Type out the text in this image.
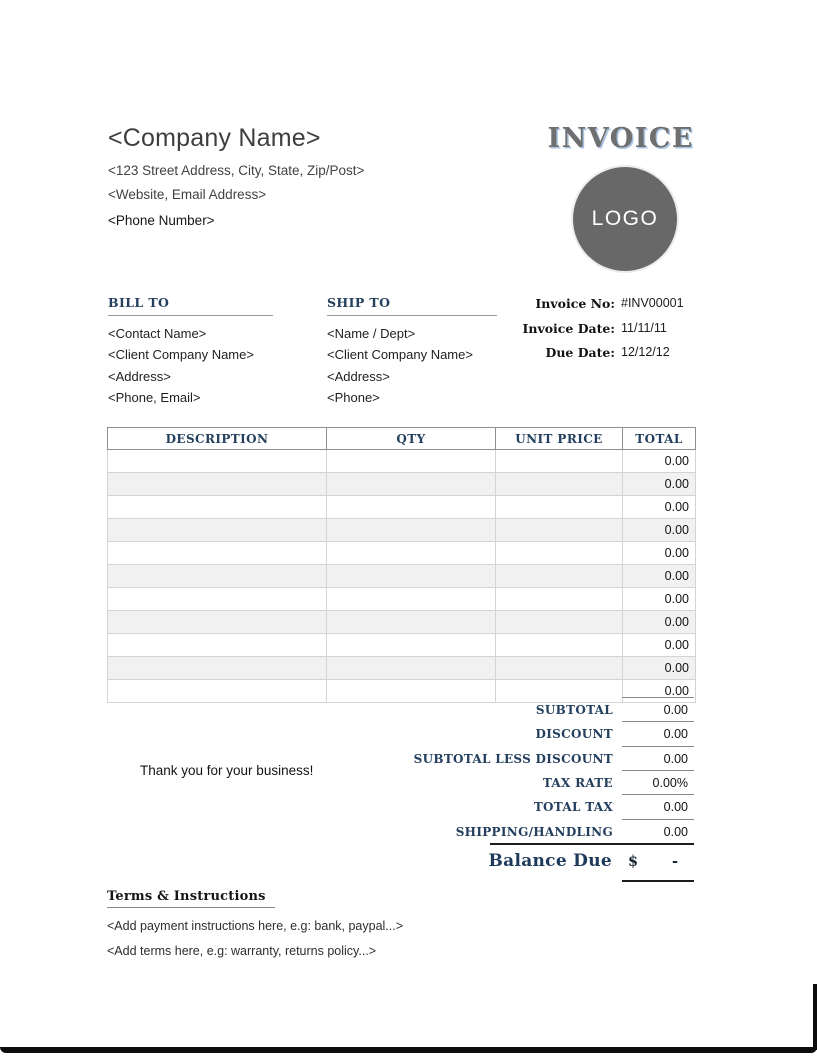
<Company Name>
<123 Street Address, City, State, Zip/Post>
<Website, Email Address>
<Phone Number>
INVOICE
LOGO
BILL TO
<Contact Name>
<Client Company Name>
<Address>
<Phone, Email>
SHIP TO
<Name / Dept>
<Client Company Name>
<Address>
<Phone>
Invoice No: #INV00001
Invoice Date: 11/11/11
Due Date: 12/12/12
DESCRIPTION	QTY	UNIT PRICE	TOTAL
			0.00
			0.00
			0.00
			0.00
			0.00
			0.00
			0.00
			0.00
			0.00
			0.00
			0.00
SUBTOTAL	0.00
DISCOUNT	0.00
SUBTOTAL LESS DISCOUNT	0.00
TAX RATE	0.00%
TOTAL TAX	0.00
SHIPPING/HANDLING	0.00
Thank you for your business!
Balance Due	$ -
Terms & Instructions
<Add payment instructions here, e.g: bank, paypal...>
<Add terms here, e.g: warranty, returns policy...>
